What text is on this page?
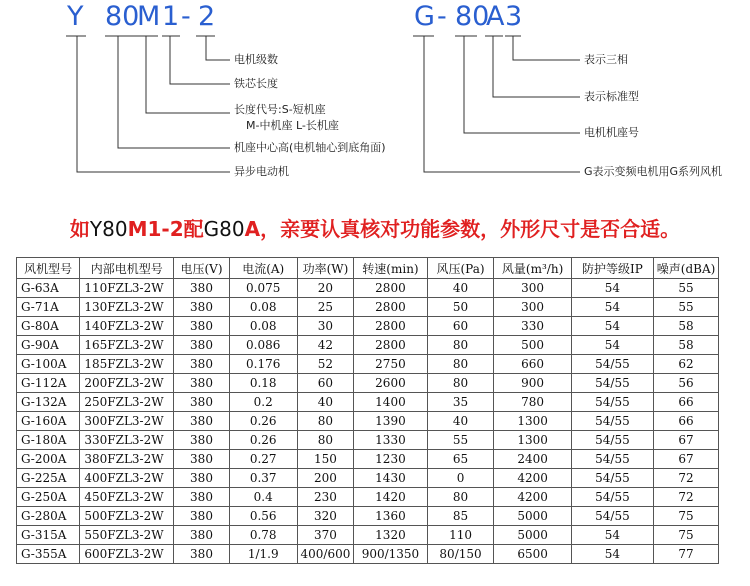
Y 80
M 1 - 2
电机级数
铁芯长度
长度代号:S-短机座
M-中机座 L-长机座
机座中心高(电机轴心到底角面)
异步电动机
G - 80
A 3
表示三相
表示标准型
电机机座号
G表示变频电机用G系列风机
如Y80M1-2配G80A，亲要认真核对功能参数，外形尺寸是否合适。
风机型号	内部电机型号	电压(V)	电流(A)	功率(W)	转速(min)	风压(Pa)	风量(m³/h)	防护等级IP	噪声(dBA)
G-63A	110FZL3-2W	380	0.075	20	2800	40	300	54	55
G-71A	130FZL3-2W	380	0.08	25	2800	50	300	54	55
G-80A	140FZL3-2W	380	0.08	30	2800	60	330	54	58
G-90A	165FZL3-2W	380	0.086	42	2800	80	500	54	58
G-100A	185FZL3-2W	380	0.176	52	2750	80	660	54/55	62
G-112A	200FZL3-2W	380	0.18	60	2600	80	900	54/55	56
G-132A	250FZL3-2W	380	0.2	40	1400	35	780	54/55	66
G-160A	300FZL3-2W	380	0.26	80	1390	40	1300	54/55	66
G-180A	330FZL3-2W	380	0.26	80	1330	55	1300	54/55	67
G-200A	380FZL3-2W	380	0.27	150	1230	65	2400	54/55	67
G-225A	400FZL3-2W	380	0.37	200	1430	0	4200	54/55	72
G-250A	450FZL3-2W	380	0.4	230	1420	80	4200	54/55	72
G-280A	500FZL3-2W	380	0.56	320	1360	85	5000	54/55	75
G-315A	550FZL3-2W	380	0.78	370	1320	110	5000	54	75
G-355A	600FZL3-2W	380	1/1.9	400/600	900/1350	80/150	6500	54	77
